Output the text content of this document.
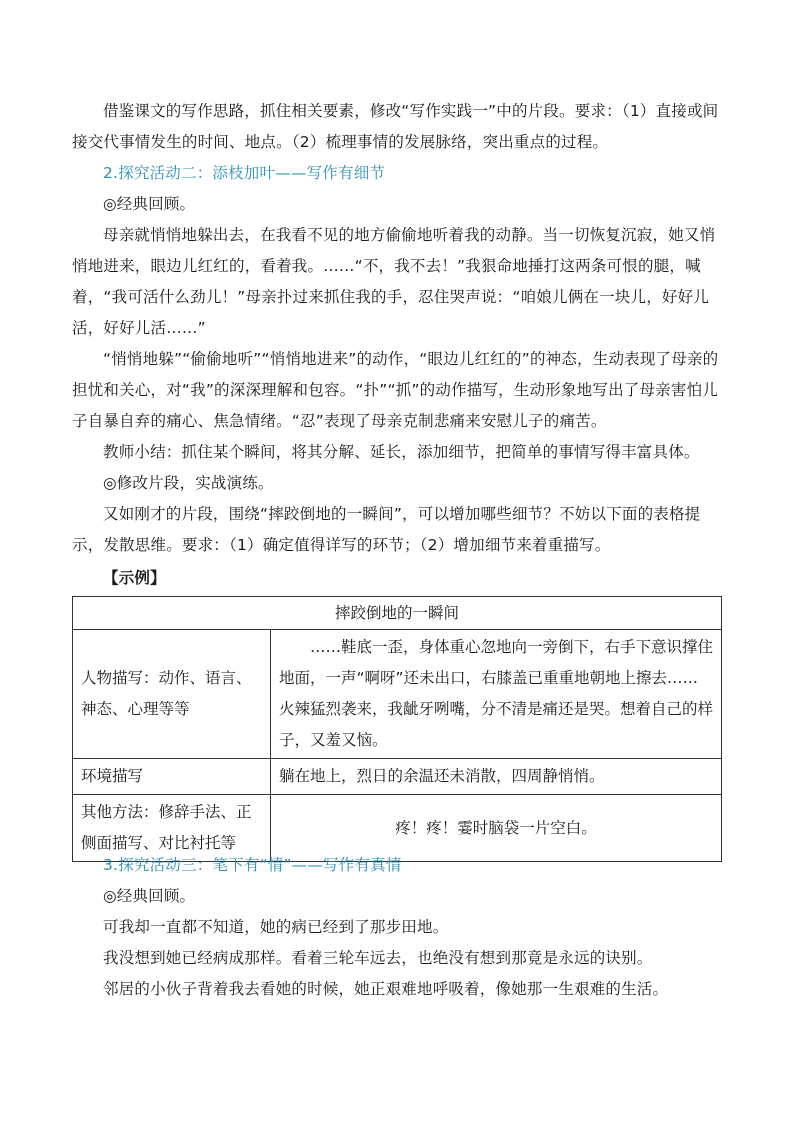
借鉴课文的写作思路，抓住相关要素，修改“写作实践一”中的片段。要求：（1）直接或间接交代事情发生的时间、地点。（2）梳理事情的发展脉络，突出重点的过程。

2.探究活动二：添枝加叶——写作有细节

◎经典回顾。

母亲就悄悄地躲出去，在我看不见的地方偷偷地听着我的动静。当一切恢复沉寂，她又悄悄地进来，眼边儿红红的，看着我。……“不，我不去！”我狠命地捶打这两条可恨的腿，喊着，“我可活什么劲儿！”母亲扑过来抓住我的手，忍住哭声说：“咱娘儿俩在一块儿，好好儿活，好好儿活……”

“悄悄地躲”“偷偷地听”“悄悄地进来”的动作，“眼边儿红红的”的神态，生动表现了母亲的担忧和关心，对“我”的深深理解和包容。“扑”“抓”的动作描写，生动形象地写出了母亲害怕儿子自暴自弃的痛心、焦急情绪。“忍”表现了母亲克制悲痛来安慰儿子的痛苦。

教师小结：抓住某个瞬间，将其分解、延长，添加细节，把简单的事情写得丰富具体。

◎修改片段，实战演练。

又如刚才的片段，围绕“摔跤倒地的一瞬间”，可以增加哪些细节？不妨以下面的表格提示，发散思维。要求：（1）确定值得详写的环节；（2）增加细节来着重描写。

【示例】

摔跤倒地的一瞬间	
人物描写：动作、语言、神态、心理等等	……鞋底一歪，身体重心忽地向一旁倒下，右手下意识撑住地面，一声“啊呀”还未出口，右膝盖已重重地朝地上擦去……火辣猛烈袭来，我龇牙咧嘴，分不清是痛还是哭。想着自己的样子，又羞又恼。
环境描写	躺在地上，烈日的余温还未消散，四周静悄悄。
其他方法：修辞手法、正侧面描写、对比衬托等	疼！疼！霎时脑袋一片空白。

3.探究活动三：笔下有“情”——写作有真情

◎经典回顾。

可我却一直都不知道，她的病已经到了那步田地。

我没想到她已经病成那样。看着三轮车远去，也绝没有想到那竟是永远的诀别。

邻居的小伙子背着我去看她的时候，她正艰难地呼吸着，像她那一生艰难的生活。
